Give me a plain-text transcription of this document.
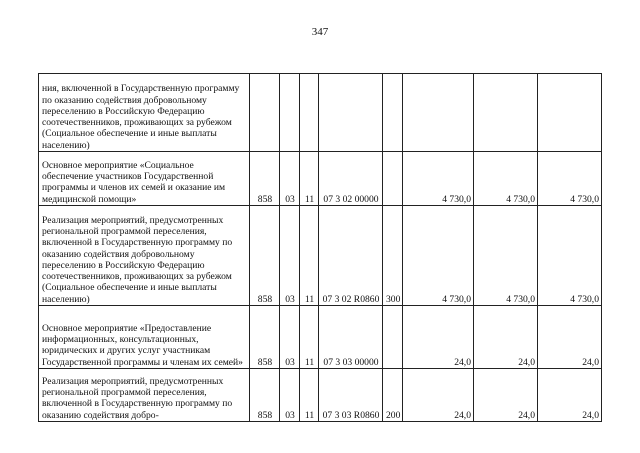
347
ния, включенной в Государственную программу по оказанию содействия добровольному переселению в Российскую Федерацию соотечественников, проживающих за рубежом (Социальное обеспечение и иные выплаты населению)								
Основное мероприятие «Социальное обеспечение участников Государственной программы и членов их семей и оказание им медицинской помощи»	858	03	11	07 3 02 00000		4 730,0	4 730,0	4 730,0
Реализация мероприятий, предусмотренных региональной программой переселения, включенной в Государственную программу по оказанию содействия добровольному переселению в Российскую Федерацию соотечественников, проживающих за рубежом (Социальное обеспечение и иные выплаты населению)	858	03	11	07 3 02 R0860	300	4 730,0	4 730,0	4 730,0
Основное мероприятие «Предоставление информационных, консультационных, юридических и других услуг участникам Государственной программы и членам их семей»	858	03	11	07 3 03 00000		24,0	24,0	24,0
Реализация мероприятий, предусмотренных региональной программой переселения, включенной в Государственную программу по оказанию содействия добро-	858	03	11	07 3 03 R0860	200	24,0	24,0	24,0
